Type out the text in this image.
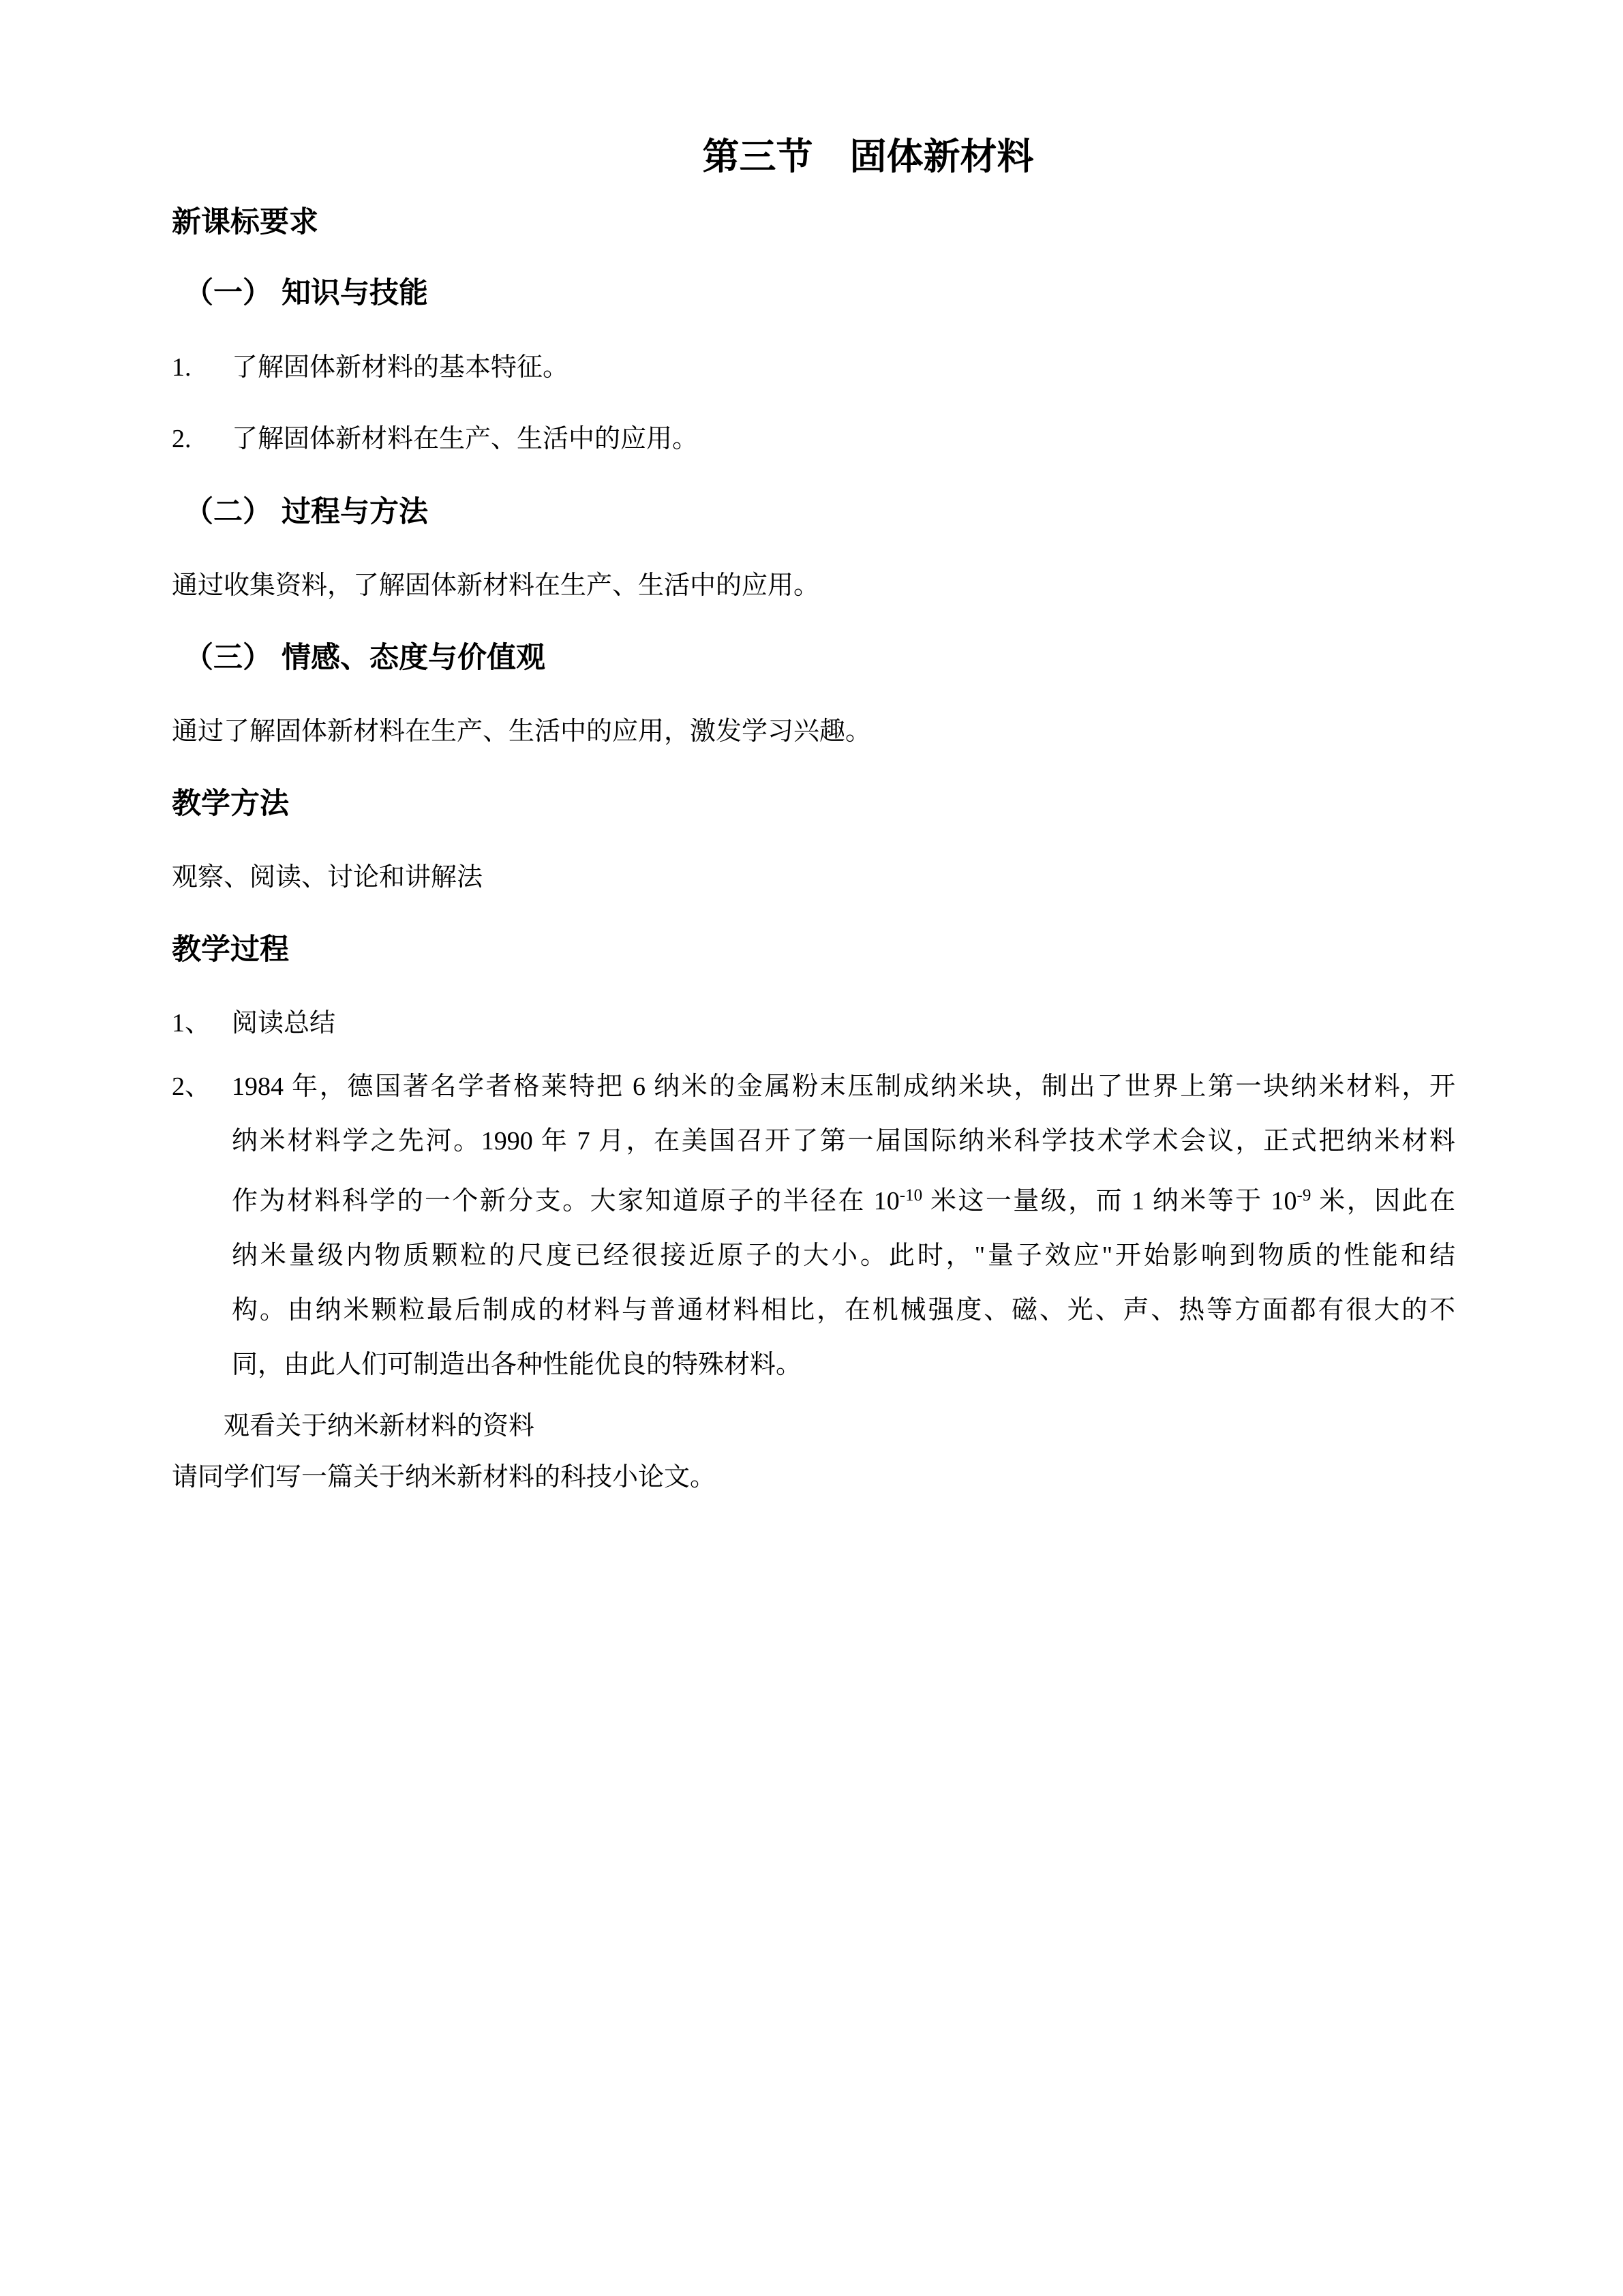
第三节　固体新材料
新课标要求
（一） 知识与技能
1. 了解固体新材料的基本特征。
2. 了解固体新材料在生产、生活中的应用。
（二） 过程与方法
通过收集资料，了解固体新材料在生产、生活中的应用。
（三） 情感、态度与价值观
通过了解固体新材料在生产、生活中的应用，激发学习兴趣。
教学方法
观察、阅读、讨论和讲解法
教学过程
1、 阅读总结
2、 1984 年，德国著名学者格莱特把 6 纳米的金属粉末压制成纳米块，制出了世界上第一块纳米材料，开
纳米材料学之先河。1990 年 7 月，在美国召开了第一届国际纳米科学技术学术会议，正式把纳米材料
作为材料科学的一个新分支。大家知道原子的半径在 $10^{-10}$ 米这一量级，而 1 纳米等于 $10^{-9}$ 米，因此在
纳米量级内物质颗粒的尺度已经很接近原子的大小。此时，"量子效应"开始影响到物质的性能和结
构。由纳米颗粒最后制成的材料与普通材料相比，在机械强度、磁、光、声、热等方面都有很大的不
同，由此人们可制造出各种性能优良的特殊材料。
观看关于纳米新材料的资料
请同学们写一篇关于纳米新材料的科技小论文。
